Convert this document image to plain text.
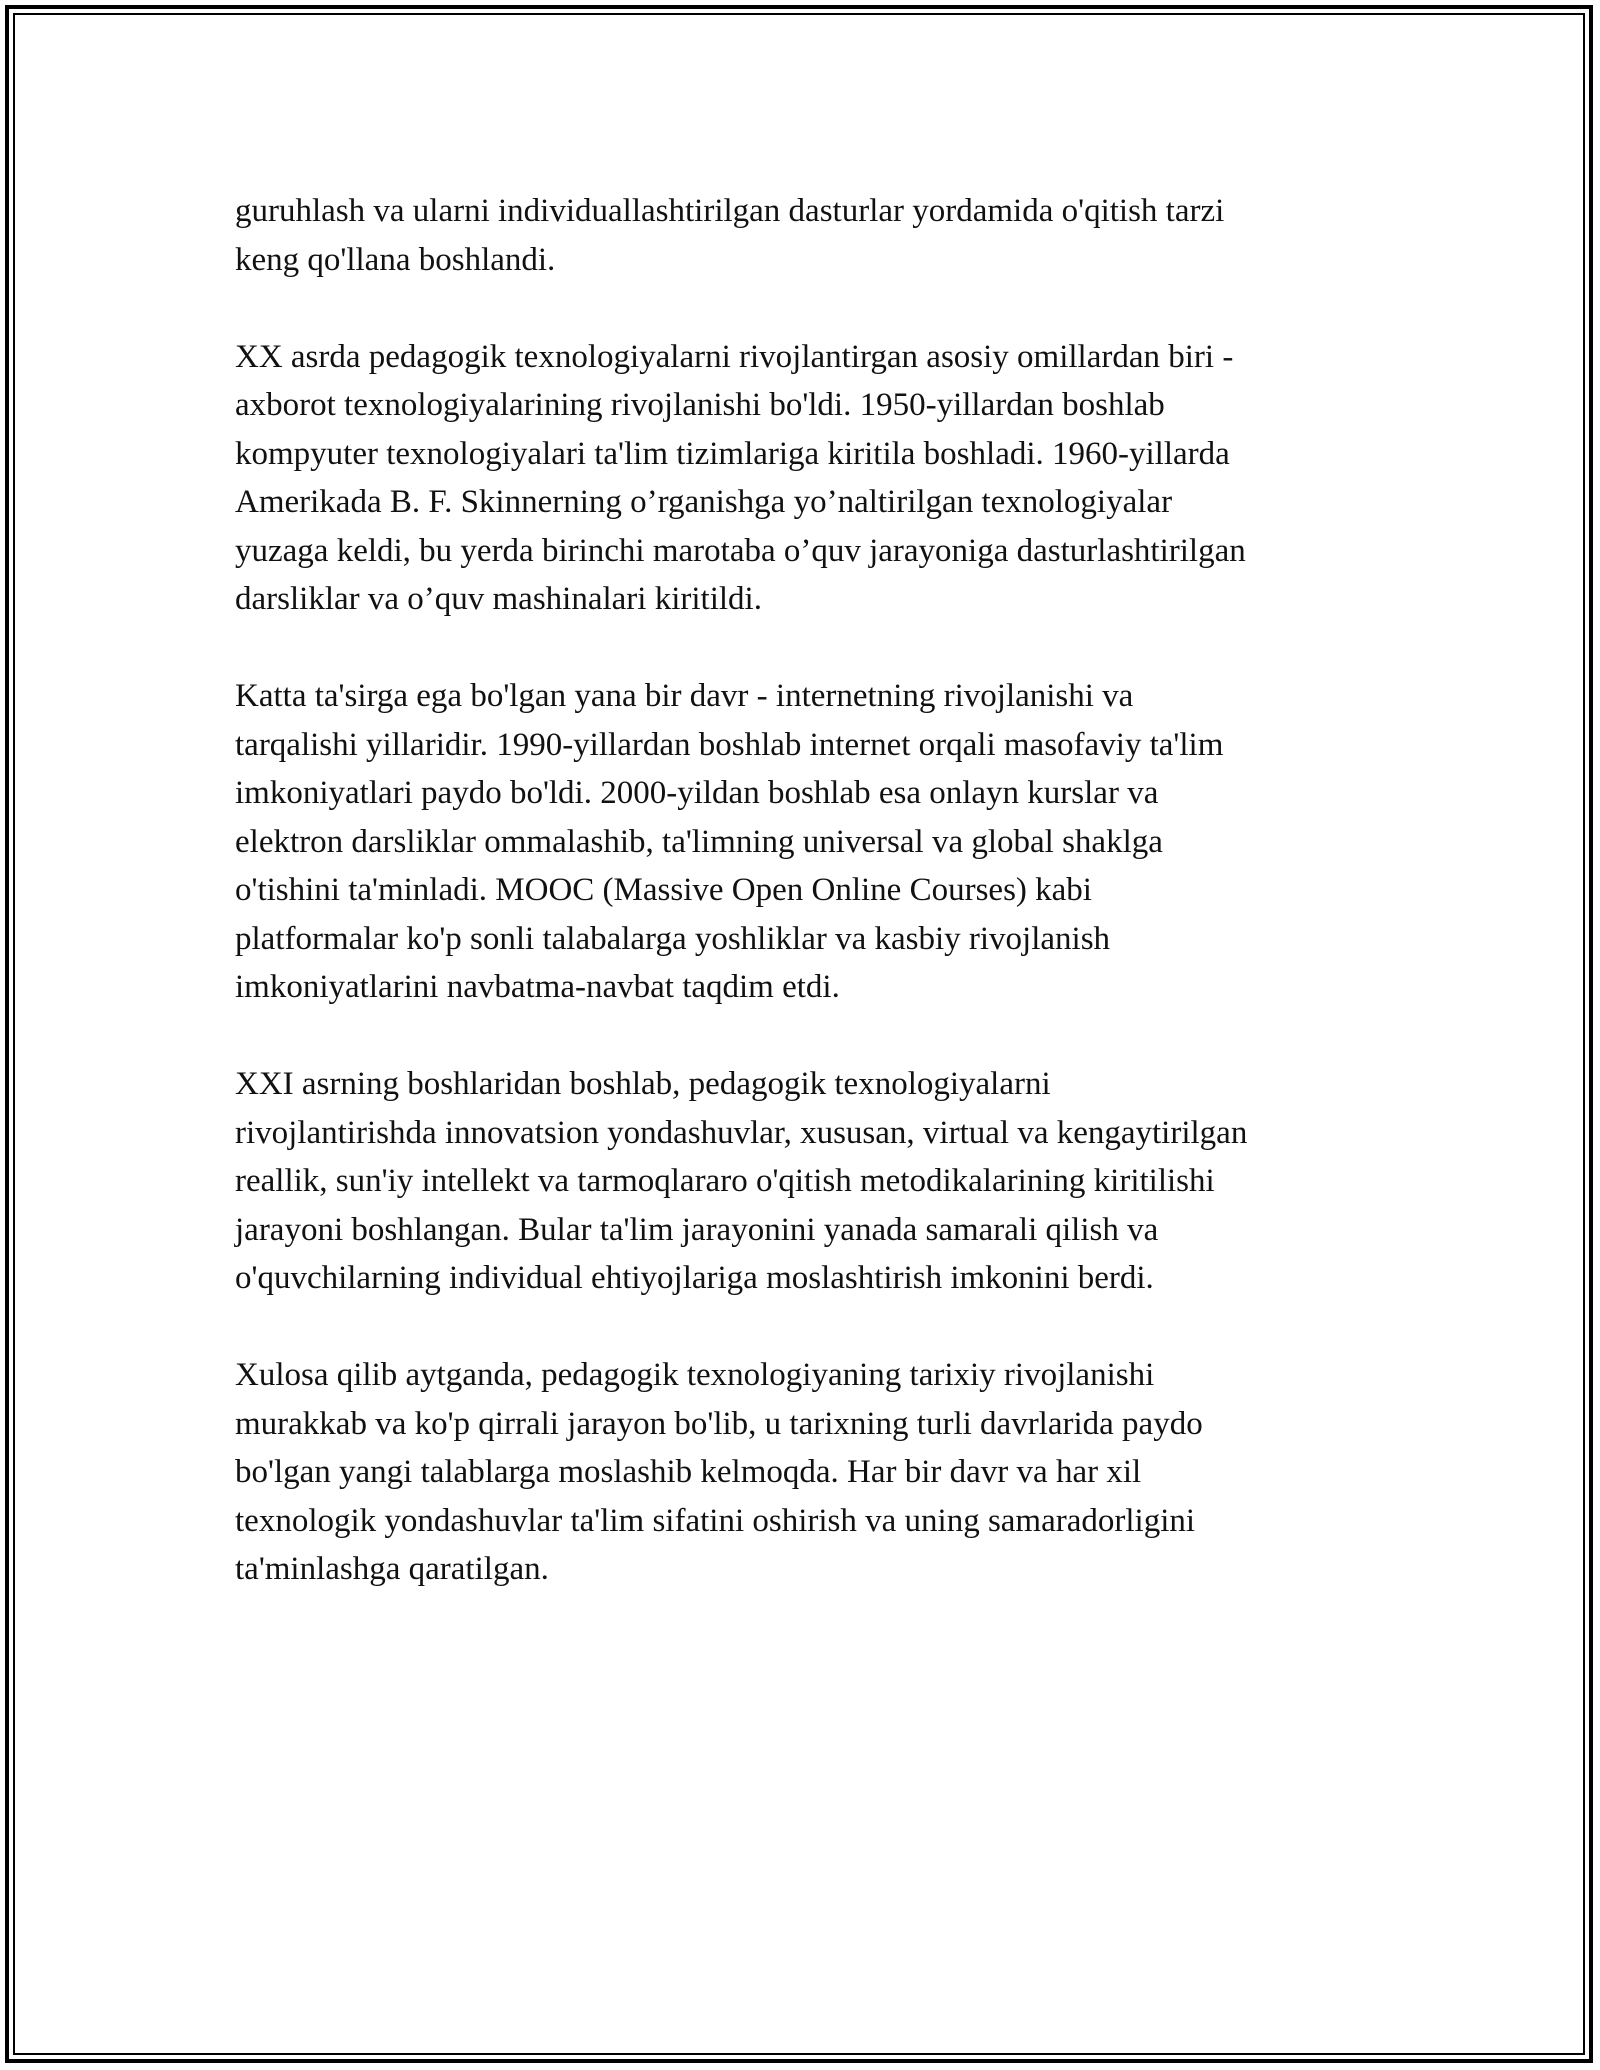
guruhlash va ularni individuallashtirilgan dasturlar yordamida o'qitish tarzi
keng qo'llana boshlandi.

XX asrda pedagogik texnologiyalarni rivojlantirgan asosiy omillardan biri -
axborot texnologiyalarining rivojlanishi bo'ldi. 1950-yillardan boshlab
kompyuter texnologiyalari ta'lim tizimlariga kiritila boshladi. 1960-yillarda
Amerikada B. F. Skinnerning o’rganishga yo’naltirilgan texnologiyalar
yuzaga keldi, bu yerda birinchi marotaba o’quv jarayoniga dasturlashtirilgan
darsliklar va o’quv mashinalari kiritildi.

Katta ta'sirga ega bo'lgan yana bir davr - internetning rivojlanishi va
tarqalishi yillaridir. 1990-yillardan boshlab internet orqali masofaviy ta'lim
imkoniyatlari paydo bo'ldi. 2000-yildan boshlab esa onlayn kurslar va
elektron darsliklar ommalashib, ta'limning universal va global shaklga
o'tishini ta'minladi. MOOC (Massive Open Online Courses) kabi
platformalar ko'p sonli talabalarga yoshliklar va kasbiy rivojlanish
imkoniyatlarini navbatma-navbat taqdim etdi.

XXI asrning boshlaridan boshlab, pedagogik texnologiyalarni
rivojlantirishda innovatsion yondashuvlar, xususan, virtual va kengaytirilgan
reallik, sun'iy intellekt va tarmoqlararo o'qitish metodikalarining kiritilishi
jarayoni boshlangan. Bular ta'lim jarayonini yanada samarali qilish va
o'quvchilarning individual ehtiyojlariga moslashtirish imkonini berdi.

Xulosa qilib aytganda, pedagogik texnologiyaning tarixiy rivojlanishi
murakkab va ko'p qirrali jarayon bo'lib, u tarixning turli davrlarida paydo
bo'lgan yangi talablarga moslashib kelmoqda. Har bir davr va har xil
texnologik yondashuvlar ta'lim sifatini oshirish va uning samaradorligini
ta'minlashga qaratilgan.
